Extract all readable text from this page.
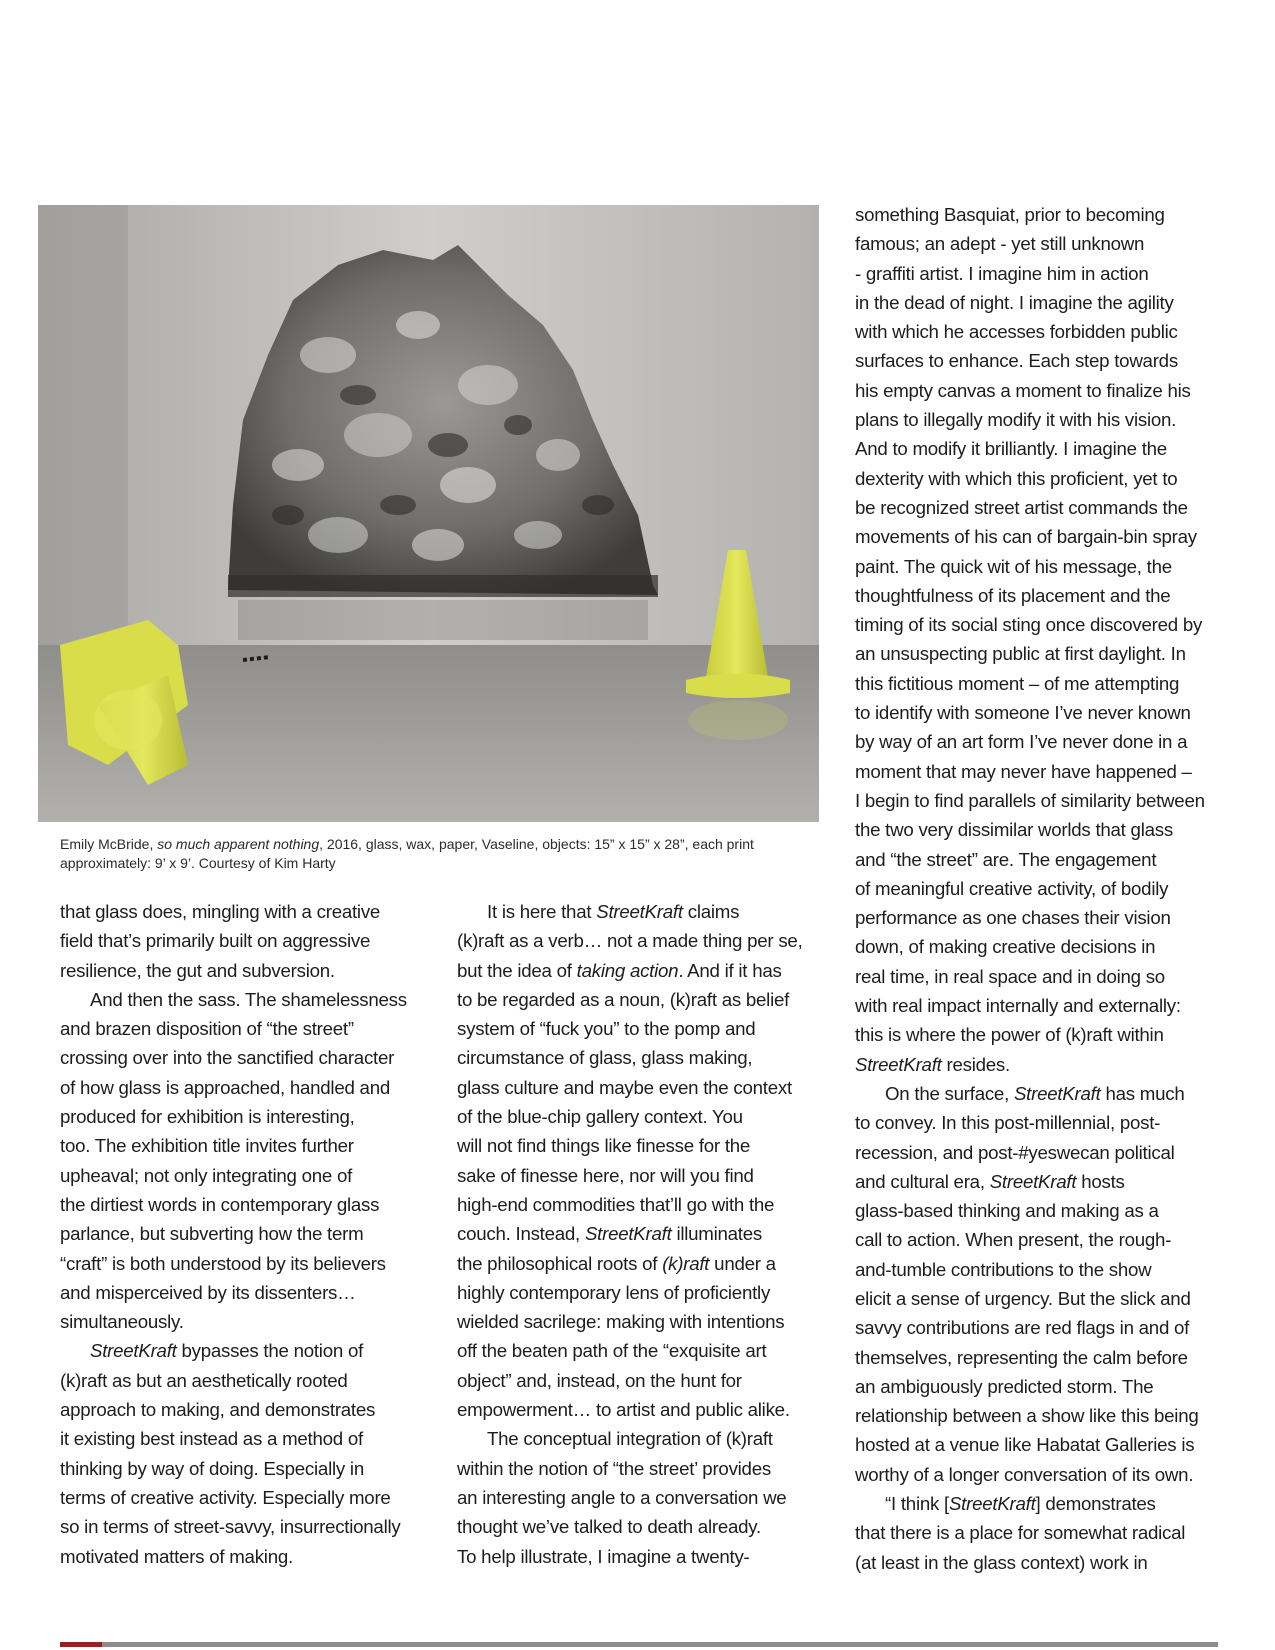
Emily McBride, so much apparent nothing, 2016, glass, wax, paper, Vaseline, objects: 15” x 15” x 28”, each print approximately: 9’ x 9’. Courtesy of Kim Harty
that glass does, mingling with a creative
field that’s primarily built on aggressive
resilience, the gut and subversion.
And then the sass. The shamelessness
and brazen disposition of “the street”
crossing over into the sanctified character
of how glass is approached, handled and
produced for exhibition is interesting,
too. The exhibition title invites further
upheaval; not only integrating one of
the dirtiest words in contemporary glass
parlance, but subverting how the term
“craft” is both understood by its believers
and misperceived by its dissenters…
simultaneously.
StreetKraft bypasses the notion of
(k)raft as but an aesthetically rooted
approach to making, and demonstrates
it existing best instead as a method of
thinking by way of doing. Especially in
terms of creative activity. Especially more
so in terms of street-savvy, insurrectionally
motivated matters of making.
It is here that StreetKraft claims
(k)raft as a verb… not a made thing per se,
but the idea of taking action. And if it has
to be regarded as a noun, (k)raft as belief
system of “fuck you” to the pomp and
circumstance of glass, glass making,
glass culture and maybe even the context
of the blue-chip gallery context. You
will not find things like finesse for the
sake of finesse here, nor will you find
high-end commodities that’ll go with the
couch. Instead, StreetKraft illuminates
the philosophical roots of (k)raft under a
highly contemporary lens of proficiently
wielded sacrilege: making with intentions
off the beaten path of the “exquisite art
object” and, instead, on the hunt for
empowerment… to artist and public alike.
The conceptual integration of (k)raft
within the notion of “the street’ provides
an interesting angle to a conversation we
thought we’ve talked to death already.
To help illustrate, I imagine a twenty-
something Basquiat, prior to becoming
famous; an adept - yet still unknown
- graffiti artist. I imagine him in action
in the dead of night. I imagine the agility
with which he accesses forbidden public
surfaces to enhance. Each step towards
his empty canvas a moment to finalize his
plans to illegally modify it with his vision.
And to modify it brilliantly. I imagine the
dexterity with which this proficient, yet to
be recognized street artist commands the
movements of his can of bargain-bin spray
paint. The quick wit of his message, the
thoughtfulness of its placement and the
timing of its social sting once discovered by
an unsuspecting public at first daylight. In
this fictitious moment – of me attempting
to identify with someone I’ve never known
by way of an art form I’ve never done in a
moment that may never have happened –
I begin to find parallels of similarity between
the two very dissimilar worlds that glass
and “the street” are. The engagement
of meaningful creative activity, of bodily
performance as one chases their vision
down, of making creative decisions in
real time, in real space and in doing so
with real impact internally and externally:
this is where the power of (k)raft within
StreetKraft resides.
On the surface, StreetKraft has much
to convey. In this post-millennial, post-
recession, and post-#yeswecan political
and cultural era, StreetKraft hosts
glass-based thinking and making as a
call to action. When present, the rough-
and-tumble contributions to the show
elicit a sense of urgency. But the slick and
savvy contributions are red flags in and of
themselves, representing the calm before
an ambiguously predicted storm. The
relationship between a show like this being
hosted at a venue like Habatat Galleries is
worthy of a longer conversation of its own.
“I think [StreetKraft] demonstrates
that there is a place for somewhat radical
(at least in the glass context) work in
